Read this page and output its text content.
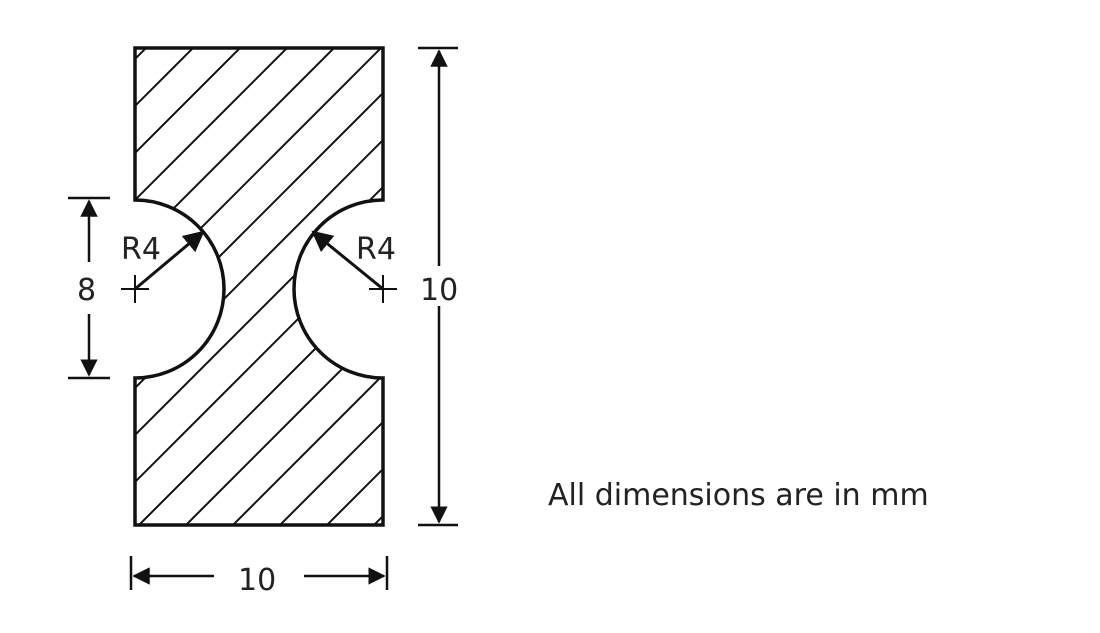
R4	R4
8	10
10
All dimensions are in mm
